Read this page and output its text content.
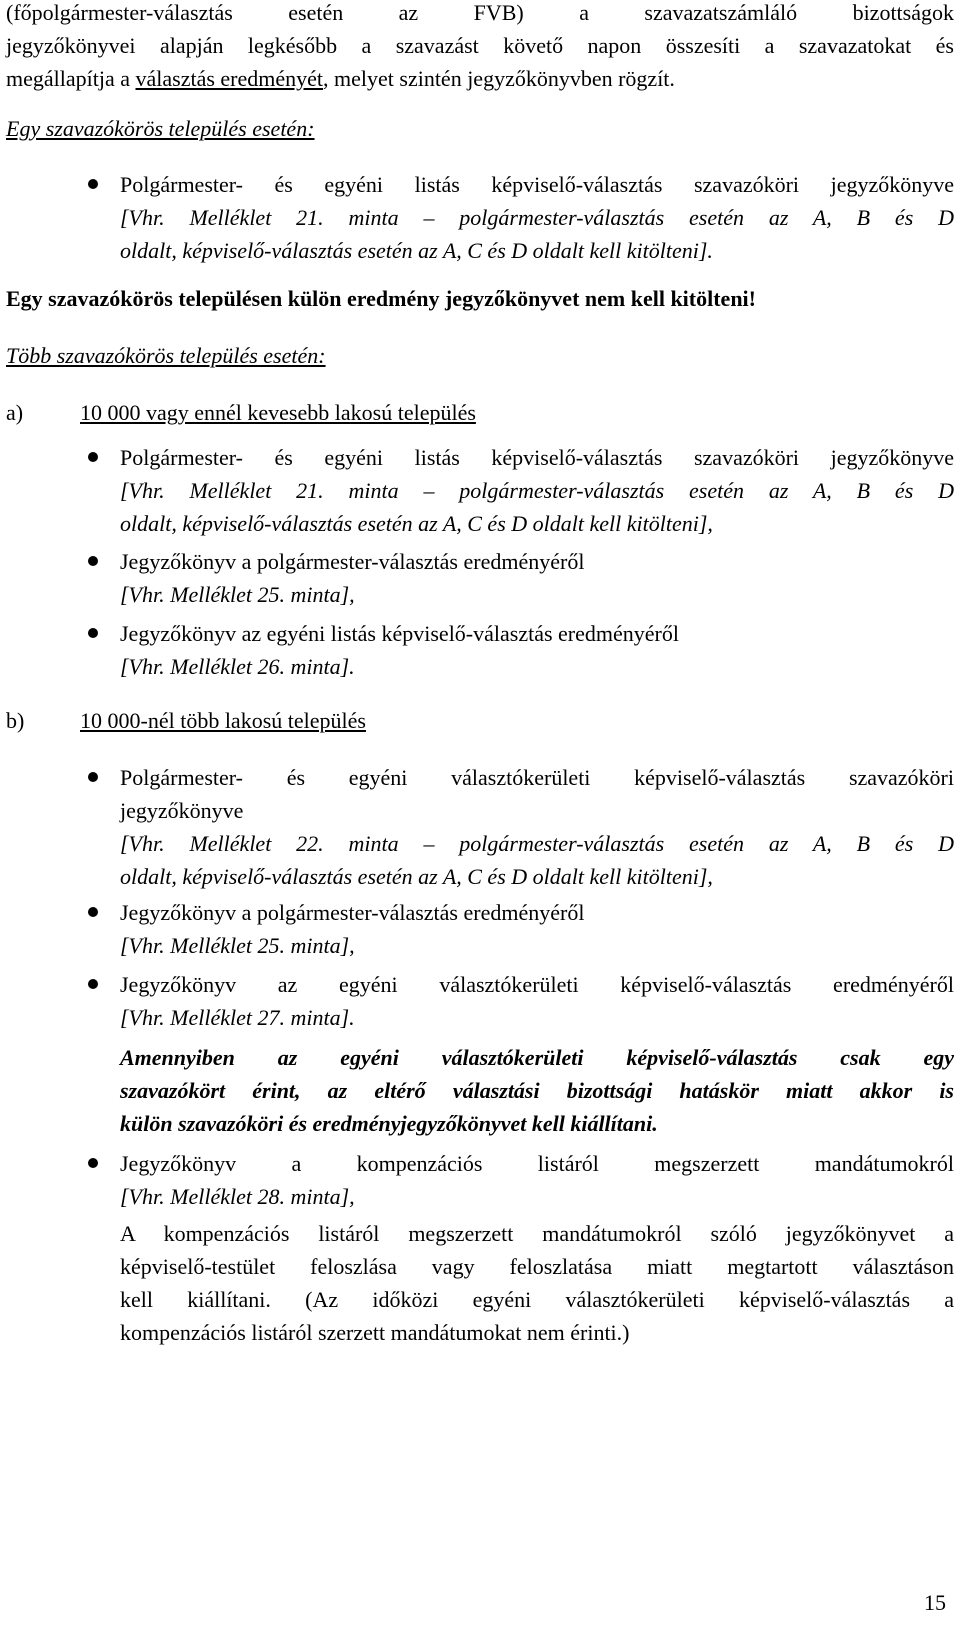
(főpolgármester-választás esetén az FVB) a szavazatszámláló bizottságok
jegyzőkönyvei alapján legkésőbb a szavazást követő napon összesíti a szavazatokat és
megállapítja a választás eredményét, melyet szintén jegyzőkönyvben rögzít.
Egy szavazókörös település esetén:
Polgármester- és egyéni listás képviselő-választás szavazóköri jegyzőkönyve
[Vhr. Melléklet 21. minta – polgármester-választás esetén az A, B és D
oldalt, képviselő-választás esetén az A, C és D oldalt kell kitölteni].
Egy szavazókörös településen külön eredmény jegyzőkönyvet nem kell kitölteni!
Több szavazókörös település esetén:
a)	10 000 vagy ennél kevesebb lakosú település
Polgármester- és egyéni listás képviselő-választás szavazóköri jegyzőkönyve
[Vhr. Melléklet 21. minta – polgármester-választás esetén az A, B és D
oldalt, képviselő-választás esetén az A, C és D oldalt kell kitölteni],
Jegyzőkönyv a polgármester-választás eredményéről
[Vhr. Melléklet 25. minta],
Jegyzőkönyv az egyéni listás képviselő-választás eredményéről
[Vhr. Melléklet 26. minta].
b)	10 000-nél több lakosú település
Polgármester- és egyéni választókerületi képviselő-választás szavazóköri
jegyzőkönyve
[Vhr. Melléklet 22. minta – polgármester-választás esetén az A, B és D
oldalt, képviselő-választás esetén az A, C és D oldalt kell kitölteni],
Jegyzőkönyv a polgármester-választás eredményéről
[Vhr. Melléklet 25. minta],
Jegyzőkönyv az egyéni választókerületi képviselő-választás eredményéről
[Vhr. Melléklet 27. minta].
Amennyiben az egyéni választókerületi képviselő-választás csak egy
szavazókört érint, az eltérő választási bizottsági hatáskör miatt akkor is
külön szavazóköri és eredményjegyzőkönyvet kell kiállítani.
Jegyzőkönyv a kompenzációs listáról megszerzett mandátumokról
[Vhr. Melléklet 28. minta],
A kompenzációs listáról megszerzett mandátumokról szóló jegyzőkönyvet a
képviselő-testület feloszlása vagy feloszlatása miatt megtartott választáson
kell kiállítani. (Az időközi egyéni választókerületi képviselő-választás a
kompenzációs listáról szerzett mandátumokat nem érinti.)
15
